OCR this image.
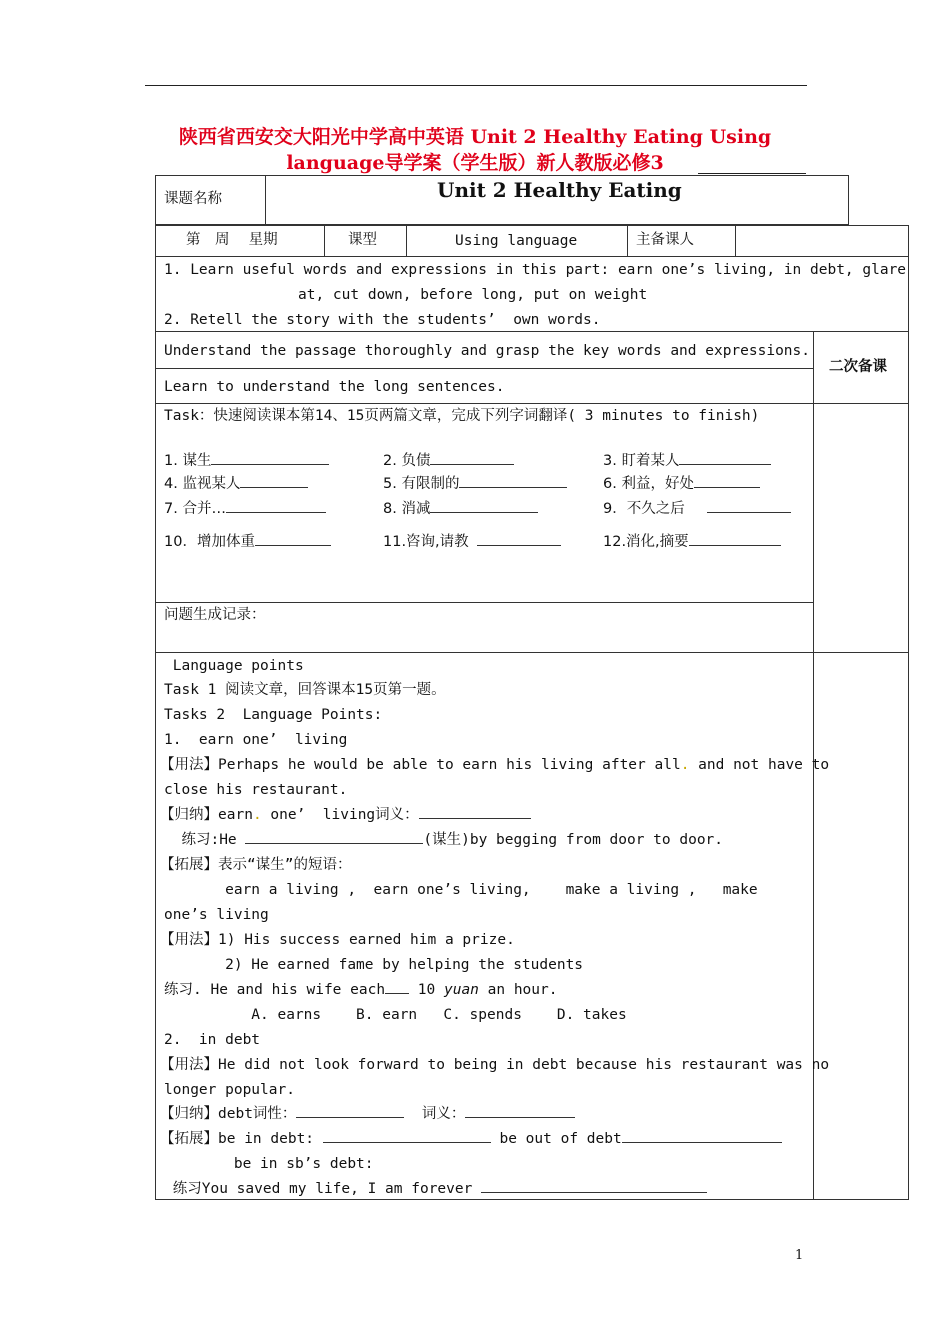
陕西省西安交大阳光中学高中英语 Unit 2 Healthy Eating Using
language导学案（学生版）新人教版必修3
课题名称	Unit 2 Healthy Eating
第　周　 星期	课型	Using language	主备课人
1. Learn useful words and expressions in this part: earn one’s living, in debt, glare
at, cut down, before long, put on weight
2. Retell the story with the students’  own words.
Understand the passage thoroughly and grasp the key words and expressions.
Learn to understand the long sentences.
二次备课
Task：快速阅读课本第14、15页两篇文章，完成下列字词翻译( 3 minutes to finish)
1. 谋生	2. 负债	3. 盯着某人
4. 监视某人	5. 有限制的	6. 利益，好处
7. 合并…	8. 消减	9．不久之后
10．增加体重	11.咨询,请教	12.消化,摘要
问题生成记录：
Language points
Task 1 阅读文章，回答课本15页第一题。
Tasks 2  Language Points:
1.  earn one’  living
【用法】Perhaps he would be able to earn his living after all. and not have to
close his restaurant.
【归纳】earn. one’  living词义：
练习:He	(谋生)by begging from door to door.
【拓展】表示“谋生”的短语：
earn a living ,  earn one’s living,    make a living ,   make
one’s living
【用法】1) His success earned him a prize.
2) He earned fame by helping the students
练习. He and his wife each 10 yuan an hour.
A. earns    B. earn   C. spends    D. takes
2.  in debt
【用法】He did not look forward to being in debt because his restaurant was no
longer popular.
【归纳】debt词性：	词义：
【拓展】be in debt:	be out of debt
be in sb’s debt:
练习You saved my life, I am forever
1
